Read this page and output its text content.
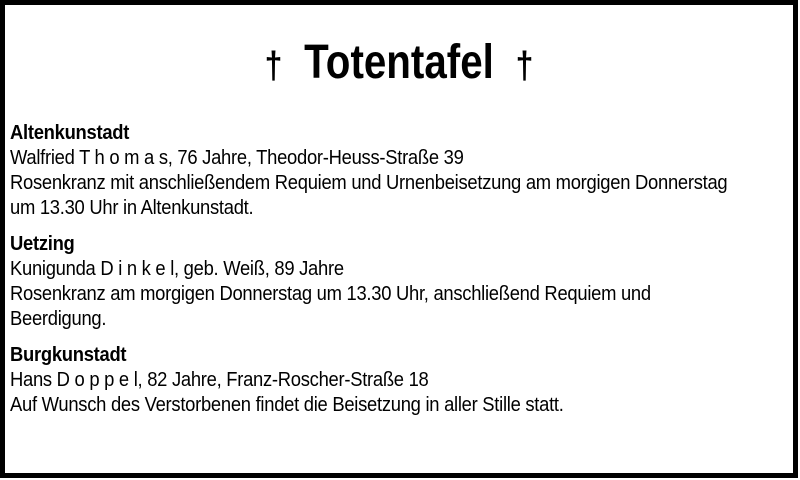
† Totentafel †
Altenkunstadt
Walfried T h o m a s, 76 Jahre, Theodor-Heuss-Straße 39
Rosenkranz mit anschließendem Requiem und Urnenbeisetzung am morgigen Donnerstag
um 13.30 Uhr in Altenkunstadt.
Uetzing
Kunigunda D i n k e l, geb. Weiß, 89 Jahre
Rosenkranz am morgigen Donnerstag um 13.30 Uhr, anschließend Requiem und
Beerdigung.
Burgkunstadt
Hans D o p p e l, 82 Jahre, Franz-Roscher-Straße 18
Auf Wunsch des Verstorbenen findet die Beisetzung in aller Stille statt.
